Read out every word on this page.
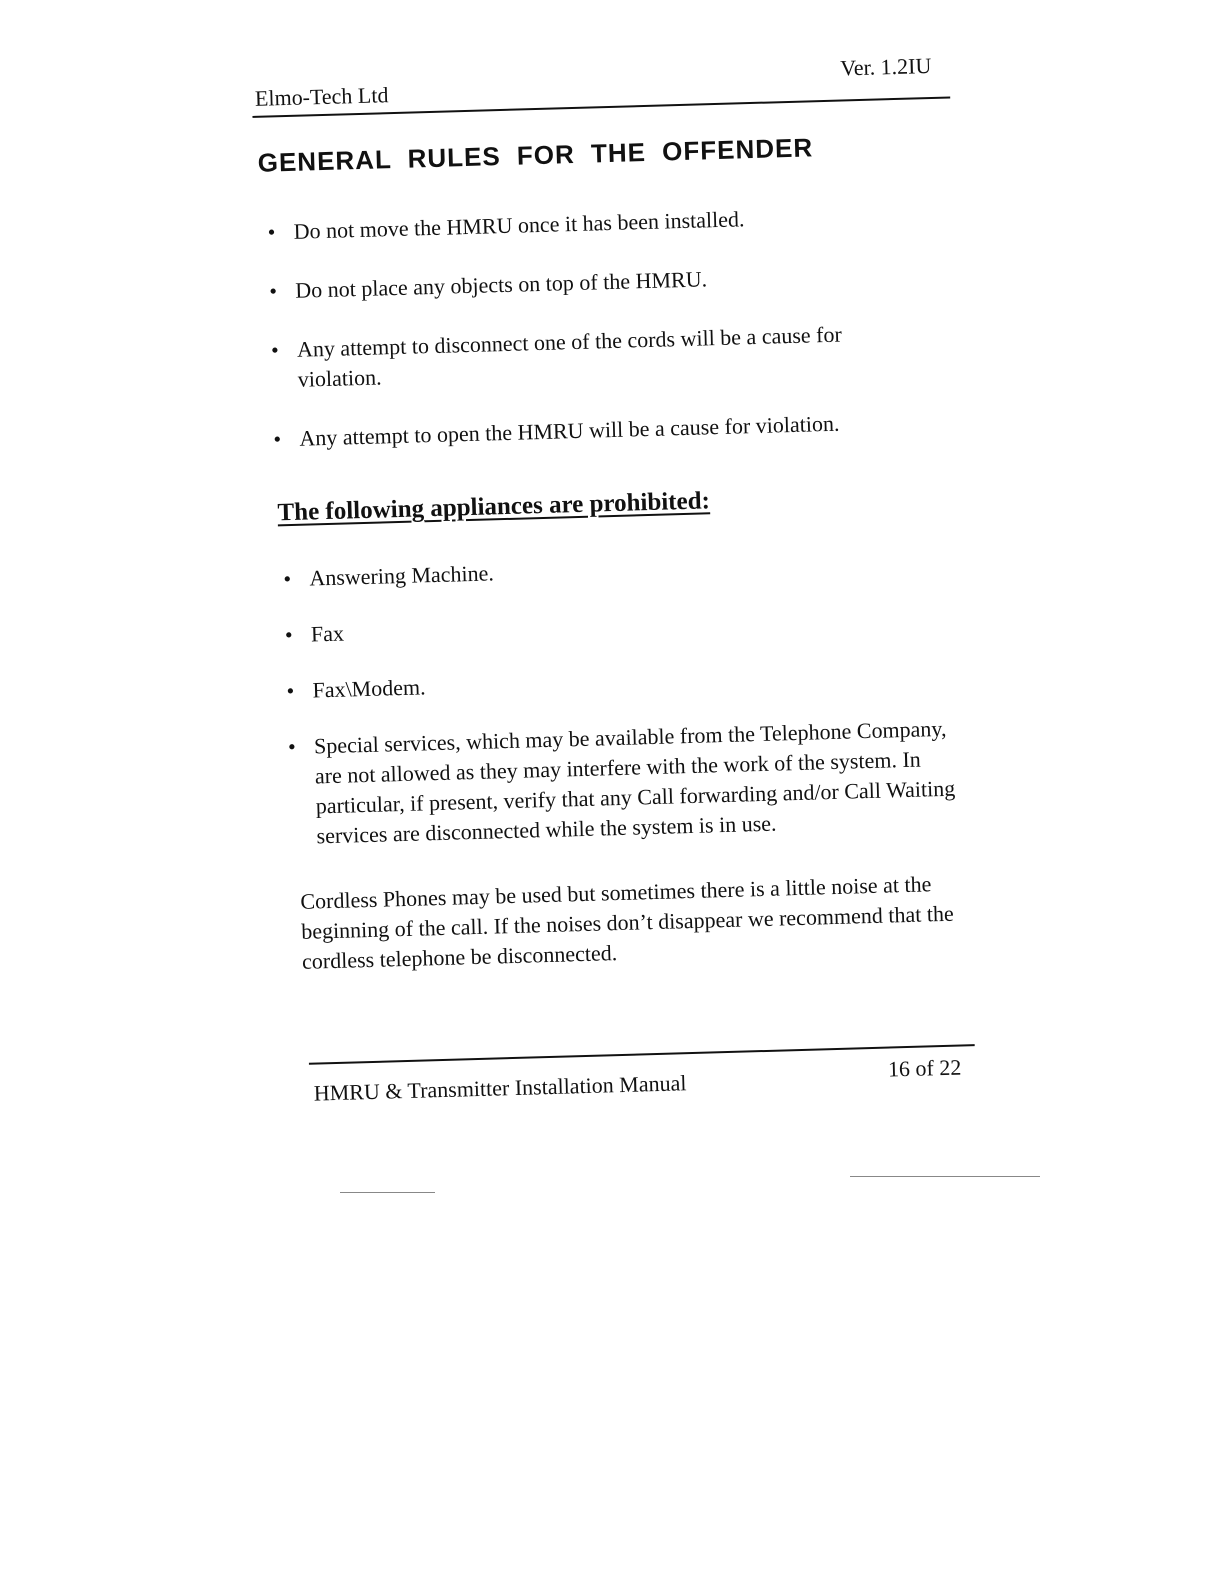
Elmo-Tech Ltd
Ver. 1.2IU
GENERAL RULES FOR THE OFFENDER
• Do not move the HMRU once it has been installed.
• Do not place any objects on top of the HMRU.
• Any attempt to disconnect one of the cords will be a cause for violation.
• Any attempt to open the HMRU will be a cause for violation.
The following appliances are prohibited:
• Answering Machine.
• Fax
• Fax\Modem.
• Special services, which may be available from the Telephone Company, are not allowed as they may interfere with the work of the system. In particular, if present, verify that any Call forwarding and/or Call Waiting services are disconnected while the system is in use.

Cordless Phones may be used but sometimes there is a little noise at the beginning of the call. If the noises don’t disappear we recommend that the cordless telephone be disconnected.

HMRU & Transmitter Installation Manual
16 of 22
